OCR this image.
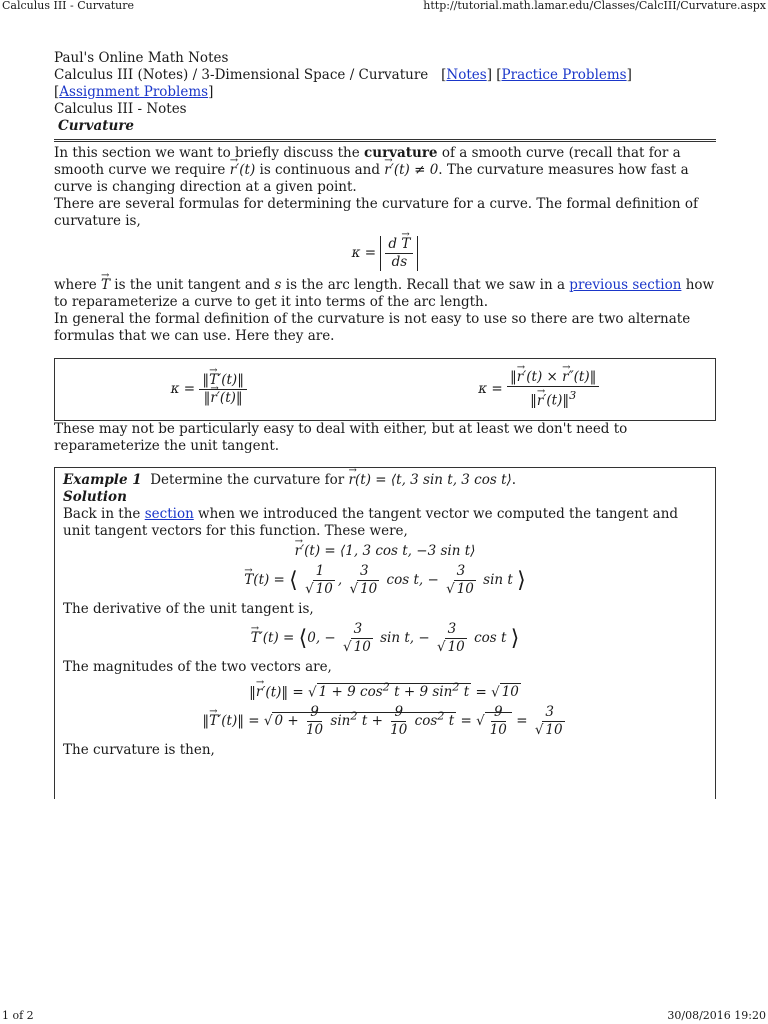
Calculus III - Curvature	http://tutorial.math.lamar.edu/Classes/CalcIII/Curvature.aspx

Paul's Online Math Notes

Calculus III (Notes) / 3-Dimensional Space / Curvature   [Notes] [Practice Problems] [Assignment Problems]

Calculus III - Notes

Curvature

In this section we want to briefly discuss the curvature of a smooth curve (recall that for a smooth curve we require → r′(t) is continuous and → r′(t) ≠ 0. The curvature measures how fast a curve is changing direction at a given point.

There are several formulas for determining the curvature for a curve. The formal definition of curvature is,

$\kappa = \frac{d \to T}{ds}$

where → T is the unit tangent and s is the arc length. Recall that we saw in a previous section how to reparameterize a curve to get it into terms of the arc length.

In general the formal definition of the curvature is not easy to use so there are two alternate formulas that we can use. Here they are.

$\kappa = \frac{‖\to T'(t)‖}{‖\to r'(t)‖}$	$\kappa = \frac{‖\to r'(t) \times \to r''(t)‖}{‖\to r'(t)‖^3}$

These may not be particularly easy to deal with either, but at least we don't need to reparameterize the unit tangent.

Example 1 Determine the curvature for → r(t) = ⟨t, 3 sin t, 3 cos t⟩.

Solution

Back in the section when we introduced the tangent vector we computed the tangent and unit tangent vectors for this function. These were,

→ r′(t) = ⟨1, 3 cos t, −3 sin t⟩
→ T(t) = ⟨ $\frac{1}{√ 10}$ , $\frac{3}{√ 10}$ cos t, − $\frac{3}{√ 10}$ sin t ⟩

The derivative of the unit tangent is,

→ T′(t) = ⟨0, − $\frac{3}{√ 10}$ sin t, − $\frac{3}{√ 10}$ cos t ⟩

The magnitudes of the two vectors are,

‖→ r′(t)‖ = √ 1 + 9 $\cos^2 t + 9$ $\sin^2 t$ = √ 10
‖→ T′(t)‖ = √ $0 + \frac{9}{10} \sin^2 t + \frac{9}{10} \cos^2 t$ = √ $\frac{9}{10} = \frac{3}{√ 10}$

The curvature is then,

1 of 2	30/08/2016 19:20
